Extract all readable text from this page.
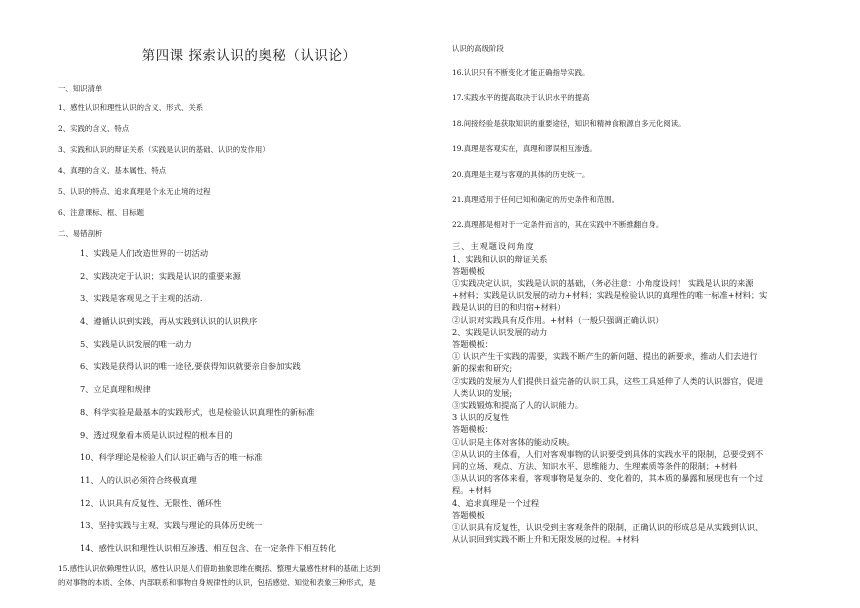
第四课 探索认识的奥秘（认识论）
一、知识清单
1、感性认识和理性认识的含义、形式、关系
2、实践的含义、特点
3、实践和认识的辩证关系（实践是认识的基础、认识的发作用）
4、真理的含义、基本属性、特点
5、认识的特点、追求真理是个永无止境的过程
6、注意课标、框、目标题
二、易错剖析
1、实践是人们改造世界的一切活动
2、实践决定于认识；实践是认识的重要来源
3、实践是客观见之于主观的活动.
4、遵循认识到实践，再从实践到认识的认识秩序
5、实践是认识发展的唯一动力
6、实践是获得认识的唯一途径,要获得知识就要亲自参加实践
7、立足真理和规律
8、科学实验是最基本的实践形式，也是检验认识真理性的新标准
9、透过现象看本质是认识过程的根本目的
10、科学理论是检验人们认识正确与否的唯一标准
11、人的认识必须符合终极真理
12、认识具有反复性、无限性、循环性
13、坚持实践与主观、实践与理论的具体历史统一
14、感性认识和理性认识相互渗透、相互包含、在一定条件下相互转化
15.感性认识依赖理性认识，感性认识是人们借助抽象思维在概括、整理大量感性材料的基础上达到
的对事物的本质、全体、内部联系和事物自身规律性的认识，包括感觉、知觉和表象三种形式，是
认识的高级阶段
16.认识只有不断变化才能正确指导实践。
17.实践水平的提高取决于认识水平的提高
18.间接经验是获取知识的重要途径，知识和精神食粮源自多元化阅读。
19.真理是客观实在，真理和谬误相互渗透。
20.真理是主观与客观的具体的历史统一。
21.真理适用于任何已知和确定的历史条件和范围。
22.真理都是相对于一定条件而言的，其在实践中不断推翻自身。
三、主观题设问角度
1、实践和认识的辩证关系
答题模板
①实践决定认识，实践是认识的基础，（务必注意：小角度设问！ 实践是认识的来源
+材料；实践是认识发展的动力+材料；实践是检验认识的真理性的唯一标准+材料；实
践是认识的目的和归宿+材料）
②认识对实践具有反作用。+材料（一般只强调正确认识）
2、实践是认识发展的动力
答题模板：
① 认识产生于实践的需要，实践不断产生的新问题、提出的新要求，推动人们去进行
新的探索和研究;
②实践的发展为人们提供日益完备的认识工具，这些工具延伸了人类的认识器官，促进
人类认识的发展;
③实践锻炼和提高了人的认识能力。
3 认识的反复性
答题模板：
①认识是主体对客体的能动反映。
②从认识的主体看，人们对客观事物的认识要受到具体的实践水平的限制，总要受到不
同的立场、观点、方法、知识水平、思维能力、生理素质等条件的限制；+材料
③从认识的客体来看，客观事物是复杂的、变化着的，其本质的暴露和展现也有一个过
程。+材料
4、追求真理是一个过程
答题模板
①认识具有反复性，认识受到主客观条件的限制，正确认识的形成总是从实践到认识、
从认识回到实践不断上升和无限发展的过程。+材料
